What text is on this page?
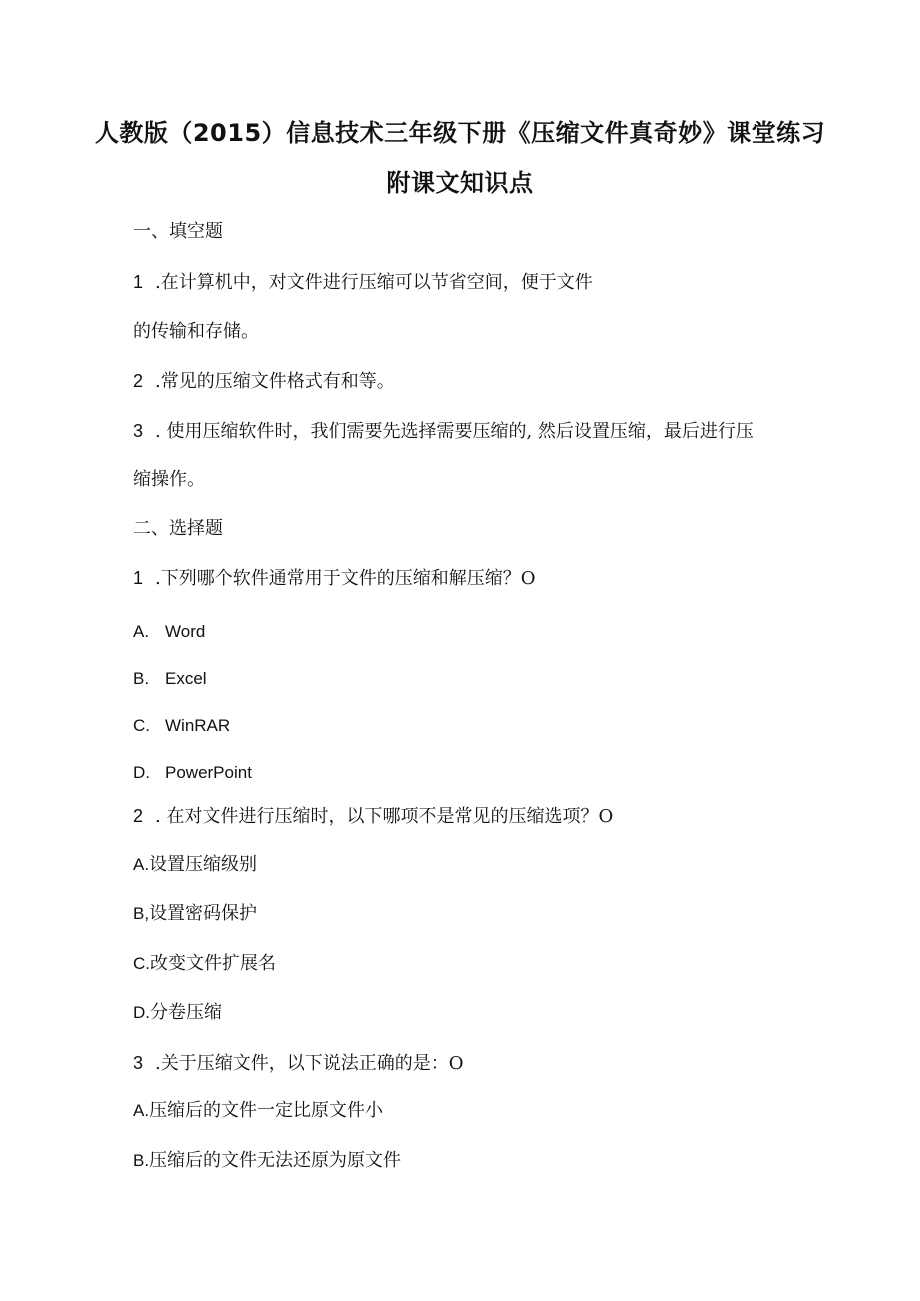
人教版（2015）信息技术三年级下册《压缩文件真奇妙》课堂练习
附课文知识点
一、填空题
1 .在计算机中，对文件进行压缩可以节省空间，便于文件
的传输和存储。
2 .常见的压缩文件格式有和等。
3 . 使用压缩软件时，我们需要先选择需要压缩的, 然后设置压缩，最后进行压
缩操作。
二、选择题
1 .下列哪个软件通常用于文件的压缩和解压缩？O
A. Word
B. Excel
C. WinRAR
D. PowerPoint
2 . 在对文件进行压缩时，以下哪项不是常见的压缩选项？O
A.设置压缩级别
B,设置密码保护
C.改变文件扩展名
D.分卷压缩
3 .关于压缩文件，以下说法正确的是：O
A.压缩后的文件一定比原文件小
B.压缩后的文件无法还原为原文件
